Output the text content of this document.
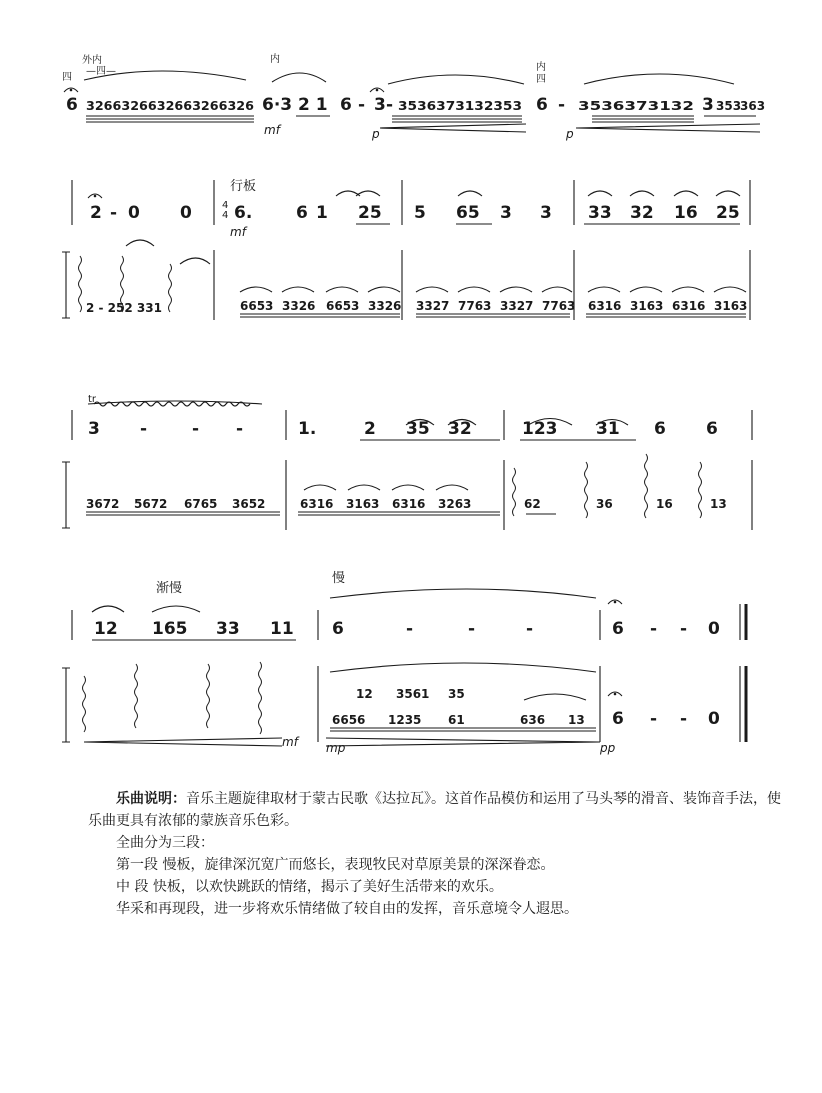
外内
—四—
四
内
内
四
6 3266326632663266326 6·3 2 1 6 - 3 - 3536373132353 6 - 3536373132 3 353
363
mf	p	p
行板
4
4
2 - 0 0 6.	6 1 25 5 65 3 3 33 32 16 25
mf
2 - 252 331	6653 3326 6653 3326 3327 7763 3327 7763 6316 3163 6316 3163
tr
3 -	- -	1.	2 35 32	123 31 6 6
3672 5672 6765 3652	6316 3163 6316 3263	62	36	16	13
渐慢
慢
12 165 33 11 6	-	-	-	6 - - 0
12 3561 35
6656 1235 61	636 13 6 - - 0
mf mp	pp

乐曲说明：音乐主题旋律取材于蒙古民歌《达拉瓦》。这首作品模仿和运用了马头琴的滑音、装饰音手法，使乐曲更具有浓郁的蒙族音乐色彩。

全曲分为三段：

第一段 慢板，旋律深沉宽广而悠长，表现牧民对草原美景的深深眷恋。

中 段 快板，以欢快跳跃的情绪，揭示了美好生活带来的欢乐。

华采和再现段，进一步将欢乐情绪做了较自由的发挥，音乐意境令人遐思。
